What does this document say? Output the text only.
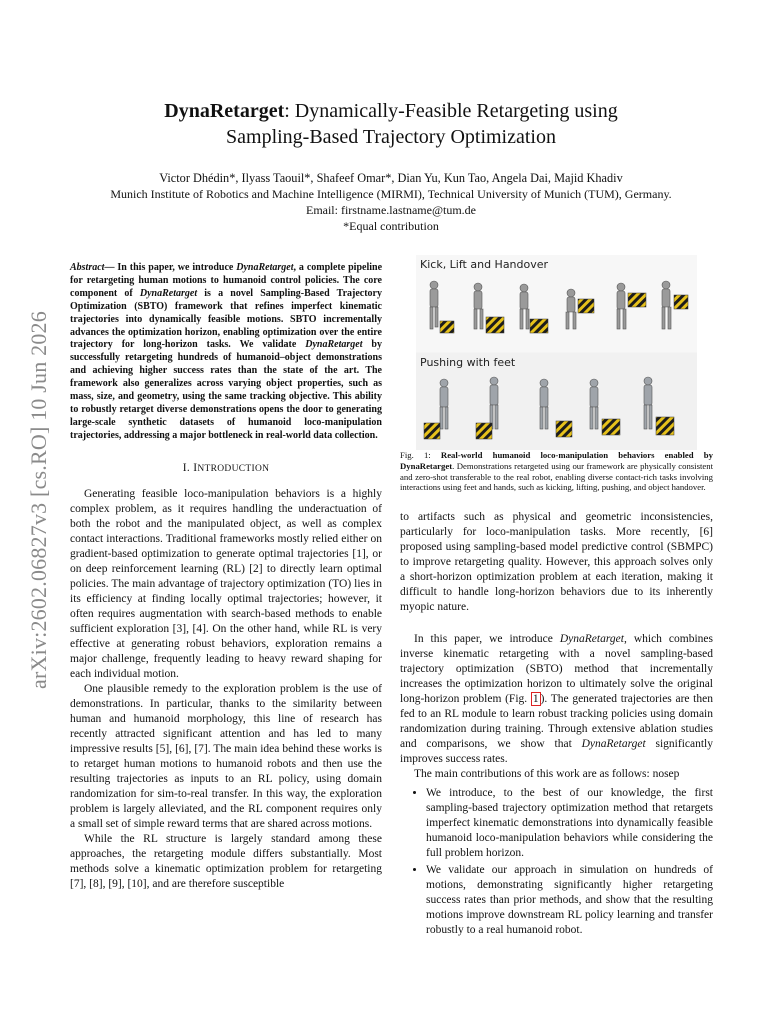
arXiv:2602.06827v3 [cs.RO] 10 Jun 2026
DynaRetarget: Dynamically-Feasible Retargeting using
Sampling-Based Trajectory Optimization
Victor Dhédin*, Ilyass Taouil*, Shafeef Omar*, Dian Yu, Kun Tao, Angela Dai, Majid Khadiv
Munich Institute of Robotics and Machine Intelligence (MIRMI), Technical University of Munich (TUM), Germany.
Email: firstname.lastname@tum.de
*Equal contribution

Abstract— In this paper, we introduce DynaRetarget, a complete pipeline for retargeting human motions to humanoid control policies. The core component of DynaRetarget is a novel Sampling-Based Trajectory Optimization (SBTO) framework that refines imperfect kinematic trajectories into dynamically feasible motions. SBTO incrementally advances the optimization horizon, enabling optimization over the entire trajectory for long-horizon tasks. We validate DynaRetarget by successfully retargeting hundreds of humanoid–object demonstrations and achieving higher success rates than the state of the art. The framework also generalizes across varying object properties, such as mass, size, and geometry, using the same tracking objective. This ability to robustly retarget diverse demonstrations opens the door to generating large-scale synthetic datasets of humanoid loco-manipulation trajectories, addressing a major bottleneck in real-world data collection.

I. INTRODUCTION

Generating feasible loco-manipulation behaviors is a highly complex problem, as it requires handling the underactuation of both the robot and the manipulated object, as well as complex contact interactions. Traditional frameworks mostly relied either on gradient-based optimization to generate optimal trajectories [1], or on deep reinforcement learning (RL) [2] to directly learn optimal policies. The main advantage of trajectory optimization (TO) lies in its efficiency at finding locally optimal trajectories; however, it often requires augmentation with search-based methods to enable sufficient exploration [3], [4]. On the other hand, while RL is very effective at generating robust behaviors, exploration remains a major challenge, frequently leading to heavy reward shaping for each individual motion.

One plausible remedy to the exploration problem is the use of demonstrations. In particular, thanks to the similarity between human and humanoid morphology, this line of research has recently attracted significant attention and has led to many impressive results [5], [6], [7]. The main idea behind these works is to retarget human motions to humanoid robots and then use the resulting trajectories as inputs to an RL policy, using domain randomization for sim-to-real transfer. In this way, the exploration problem is largely alleviated, and the RL component requires only a small set of simple reward terms that are shared across motions.

While the RL structure is largely standard among these approaches, the retargeting module differs substantially. Most methods solve a kinematic optimization problem for retargeting [7], [8], [9], [10], and are therefore susceptible

Kick, Lift and Handover
Pushing with feet
Fig. 1: Real-world humanoid loco-manipulation behaviors enabled by DynaRetarget. Demonstrations retargeted using our framework are physically consistent and zero-shot transferable to the real robot, enabling diverse contact-rich tasks involving interactions using feet and hands, such as kicking, lifting, pushing, and object handover.

to artifacts such as physical and geometric inconsistencies, particularly for loco-manipulation tasks. More recently, [6] proposed using sampling-based model predictive control (SBMPC) to improve retargeting quality. However, this approach solves only a short-horizon optimization problem at each iteration, making it difficult to handle long-horizon behaviors due to its inherently myopic nature.

In this paper, we introduce DynaRetarget, which combines inverse kinematic retargeting with a novel sampling-based trajectory optimization (SBTO) method that incrementally increases the optimization horizon to ultimately solve the original long-horizon problem (Fig. 1 ). The generated trajectories are then fed to an RL module to learn robust tracking policies using domain randomization during training. Through extensive ablation studies and comparisons, we show that DynaRetarget significantly improves success rates.

The main contributions of this work are as follows: nosep

• We introduce, to the best of our knowledge, the first sampling-based trajectory optimization method that retargets imperfect kinematic demonstrations into dynamically feasible humanoid loco-manipulation behaviors while considering the full problem horizon.
• We validate our approach in simulation on hundreds of motions, demonstrating significantly higher retargeting success rates than prior methods, and show that the resulting motions improve downstream RL policy learning and transfer robustly to a real humanoid robot.
